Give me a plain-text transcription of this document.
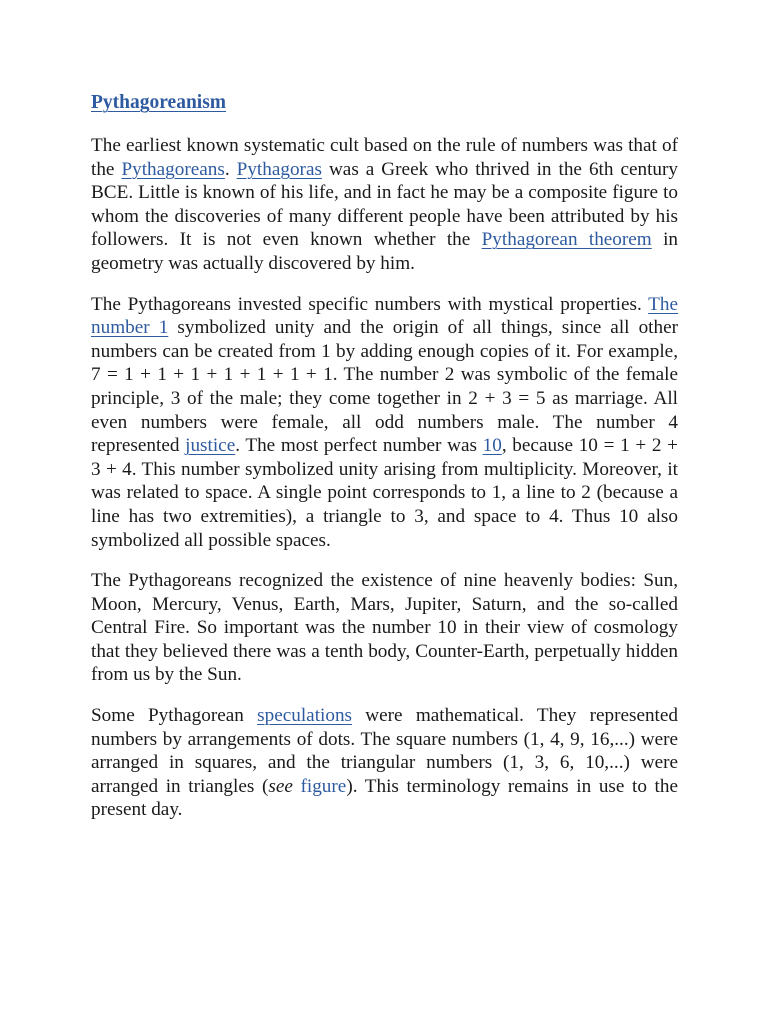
Pythagoreanism

The earliest known systematic cult based on the rule of numbers was that of the Pythagoreans. Pythagoras was a Greek who thrived in the 6th century BCE. Little is known of his life, and in fact he may be a composite figure to whom the discoveries of many different people have been attributed by his followers. It is not even known whether the Pythagorean theorem in geometry was actually discovered by him.

The Pythagoreans invested specific numbers with mystical properties. The number 1 symbolized unity and the origin of all things, since all other numbers can be created from 1 by adding enough copies of it. For example, 7 = 1 + 1 + 1 + 1 + 1 + 1 + 1. The number 2 was symbolic of the female principle, 3 of the male; they come together in 2 + 3 = 5 as marriage. All even numbers were female, all odd numbers male. The number 4 represented justice. The most perfect number was 10, because 10 = 1 + 2 + 3 + 4. This number symbolized unity arising from multiplicity. Moreover, it was related to space. A single point corresponds to 1, a line to 2 (because a line has two extremities), a triangle to 3, and space to 4. Thus 10 also symbolized all possible spaces.

The Pythagoreans recognized the existence of nine heavenly bodies: Sun, Moon, Mercury, Venus, Earth, Mars, Jupiter, Saturn, and the so-called Central Fire. So important was the number 10 in their view of cosmology that they believed there was a tenth body, Counter-Earth, perpetually hidden from us by the Sun.

Some Pythagorean speculations were mathematical. They represented numbers by arrangements of dots. The square numbers (1, 4, 9, 16,...) were arranged in squares, and the triangular numbers (1, 3, 6, 10,...) were arranged in triangles (see figure). This terminology remains in use to the present day.
